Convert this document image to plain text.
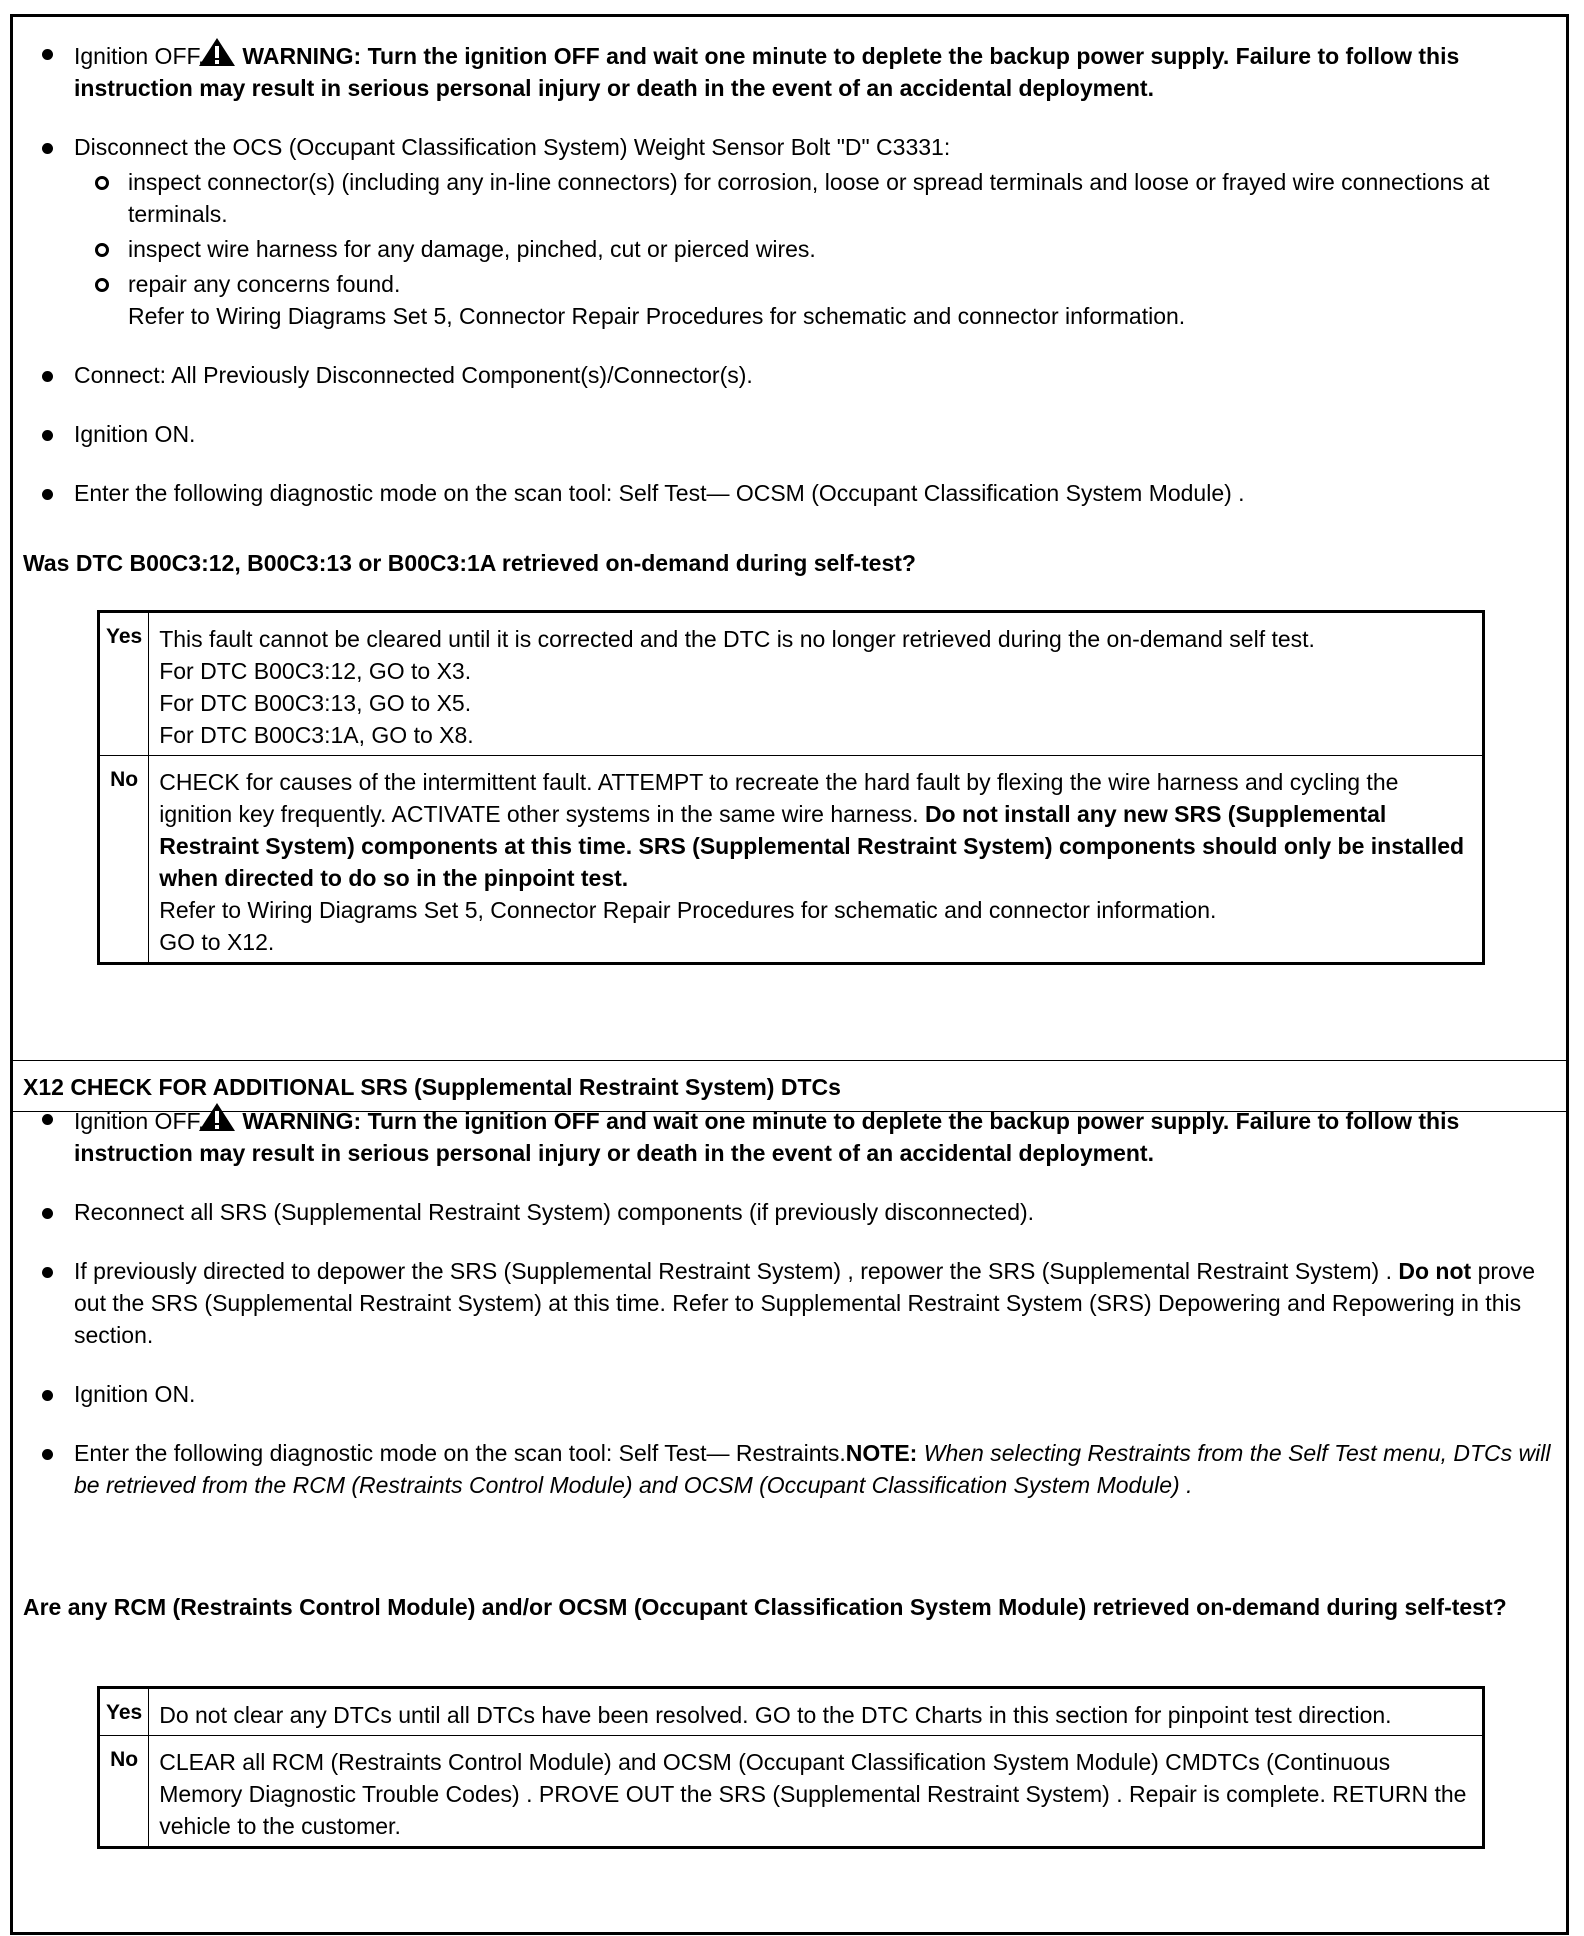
Ignition OFF. WARNING: Turn the ignition OFF and wait one minute to deplete the backup power supply. Failure to follow this instruction may result in serious personal injury or death in the event of an accidental deployment.
Disconnect the OCS (Occupant Classification System) Weight Sensor Bolt "D" C3331:
inspect connector(s) (including any in-line connectors) for corrosion, loose or spread terminals and loose or frayed wire connections at terminals.
inspect wire harness for any damage, pinched, cut or pierced wires.
repair any concerns found.
Refer to Wiring Diagrams Set 5, Connector Repair Procedures for schematic and connector information.
Connect: All Previously Disconnected Component(s)/Connector(s).
Ignition ON.
Enter the following diagnostic mode on the scan tool: Self Test— OCSM (Occupant Classification System Module) .
Was DTC B00C3:12, B00C3:13 or B00C3:1A retrieved on-demand during self-test?
Yes	This fault cannot be cleared until it is corrected and the DTC is no longer retrieved during the on-demand self test.
For DTC B00C3:12, GO to X3.
For DTC B00C3:13, GO to X5.
For DTC B00C3:1A, GO to X8.

No	CHECK for causes of the intermittent fault. ATTEMPT to recreate the hard fault by flexing the wire harness and cycling the ignition key frequently. ACTIVATE other systems in the same wire harness. Do not install any new SRS (Supplemental Restraint System) components at this time. SRS (Supplemental Restraint System) components should only be installed when directed to do so in the pinpoint test.
Refer to Wiring Diagrams Set 5, Connector Repair Procedures for schematic and connector information.
GO to X12.
X12 CHECK FOR ADDITIONAL SRS (Supplemental Restraint System) DTCs
Ignition OFF. WARNING: Turn the ignition OFF and wait one minute to deplete the backup power supply. Failure to follow this instruction may result in serious personal injury or death in the event of an accidental deployment.
Reconnect all SRS (Supplemental Restraint System) components (if previously disconnected).
If previously directed to depower the SRS (Supplemental Restraint System) , repower the SRS (Supplemental Restraint System) . Do not prove out the SRS (Supplemental Restraint System) at this time. Refer to Supplemental Restraint System (SRS) Depowering and Repowering in this section.
Ignition ON.
Enter the following diagnostic mode on the scan tool: Self Test— Restraints.NOTE: When selecting Restraints from the Self Test menu, DTCs will be retrieved from the RCM (Restraints Control Module) and OCSM (Occupant Classification System Module) .
Are any RCM (Restraints Control Module) and/or OCSM (Occupant Classification System Module) retrieved on-demand during self-test?
Yes	Do not clear any DTCs until all DTCs have been resolved. GO to the DTC Charts in this section for pinpoint test direction.
No	CLEAR all RCM (Restraints Control Module) and OCSM (Occupant Classification System Module) CMDTCs (Continuous Memory Diagnostic Trouble Codes) . PROVE OUT the SRS (Supplemental Restraint System) . Repair is complete. RETURN the vehicle to the customer.
